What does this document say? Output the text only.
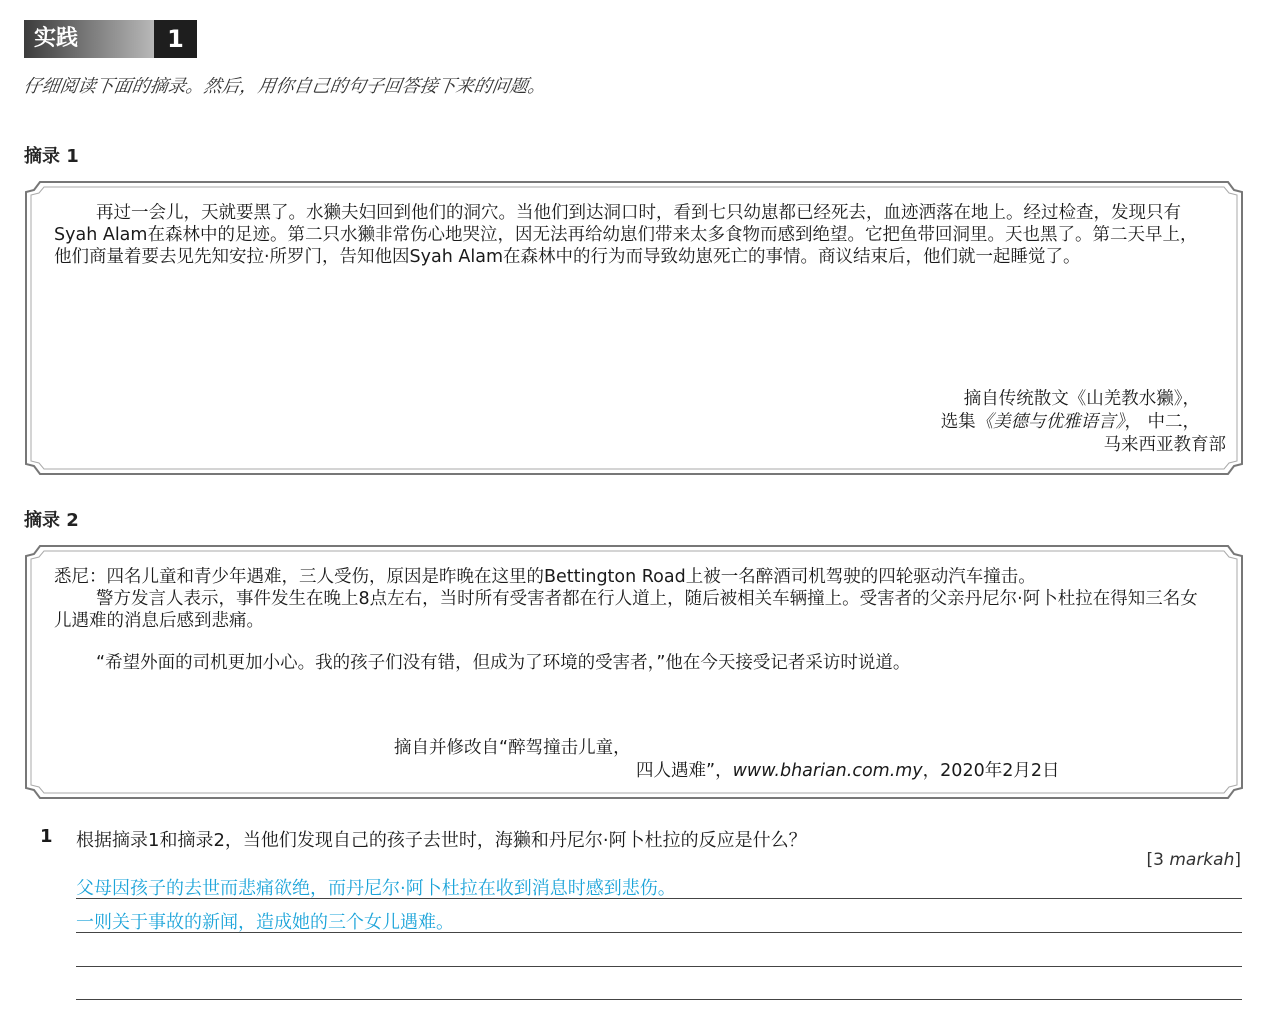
实践	1
仔细阅读下面的摘录。然后，用你自己的句子回答接下来的问题。
摘录 1

再过一会儿，天就要黑了。水獭夫妇回到他们的洞穴。当他们到达洞口时，看到七只幼崽都已经死去，血迹洒落在地上。经过检查，发现只有Syah Alam在森林中的足迹。第二只水獭非常伤心地哭泣，因无法再给幼崽们带来太多食物而感到绝望。它把鱼带回洞里。天也黑了。第二天早上，他们商量着要去见先知安拉·所罗门，告知他因Syah Alam在森林中的行为而导致幼崽死亡的事情。商议结束后，他们就一起睡觉了。

摘自传统散文《山羌教水獭》，
选集《美德与优雅语言》， 中二，
马来西亚教育部
摘录 2

悉尼：四名儿童和青少年遇难，三人受伤，原因是昨晚在这里的Bettington Road上被一名醉酒司机驾驶的四轮驱动汽车撞击。

警方发言人表示，事件发生在晚上8点左右，当时所有受害者都在行人道上，随后被相关车辆撞上。受害者的父亲丹尼尔·阿卜杜拉在得知三名女儿遇难的消息后感到悲痛。

“希望外面的司机更加小心。我的孩子们没有错，但成为了环境的受害者，”他在今天接受记者采访时说道。

摘自并修改自“醉驾撞击儿童，
四人遇难”，www.bharian.com.my，2020年2月2日
1 根据摘录1和摘录2，当他们发现自己的孩子去世时，海獭和丹尼尔·阿卜杜拉的反应是什么？
[3 markah]
父母因孩子的去世而悲痛欲绝，而丹尼尔·阿卜杜拉在收到消息时感到悲伤。
一则关于事故的新闻，造成她的三个女儿遇难。
